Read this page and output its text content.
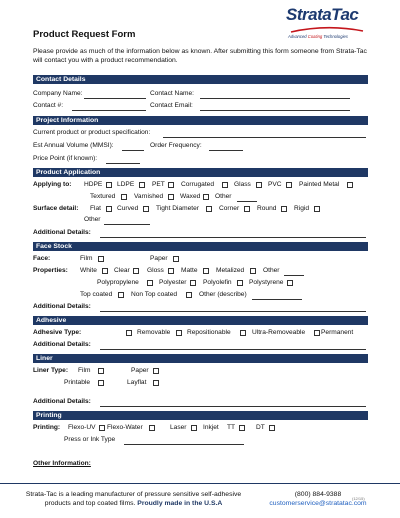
Product Request Form
StrataTac
Advanced Coating Technologies
Please provide as much of the information below as known. After submitting this form someone from Strata-Tac will contact you with a product recommendation.
Contact Details
Company Name:	Contact Name:
Contact #:	Contact Email:
Project Information
Current product or product specification:
Est Annual Volume (MMSI):	Order Frequency:
Price Point (if known):
Product Application
Applying to: HDPE LDPE	PET Corrugated	Glass	PVC	Painted Metal
Textured	Varnished	Waxed Other
Surface detail: Flat Curved	Tight Diameter	Corner	Round	Rigid
Other
Additional Details:
Face Stock
Face:	Film	Paper
Properties: White	Clear	Gloss	Matte	Metalized	Other
Polypropylene	Polyester	Polyolefin	Polystyrene
Top coated	Non Top coated	Other (describe)
Additional Details:
Adhesive
Adhesive Type:	Removable	Repositionable	Ultra-Removeable Permanent
Additional Details:
Liner
Liner Type: Film	Paper
Printable	Layflat
Additional Details:
Printing
Printing: Flexo-UV Flexo-Water	Laser	Inkjet TT	DT
Press or Ink Type
Other Information:
Strata-Tac is a leading manufacturer of pressure sensitive self-adhesive
products and top coated films. Proudly made in the U.S.A
(800) 884-9388
customerservice@stratatac.com
(12/15)
